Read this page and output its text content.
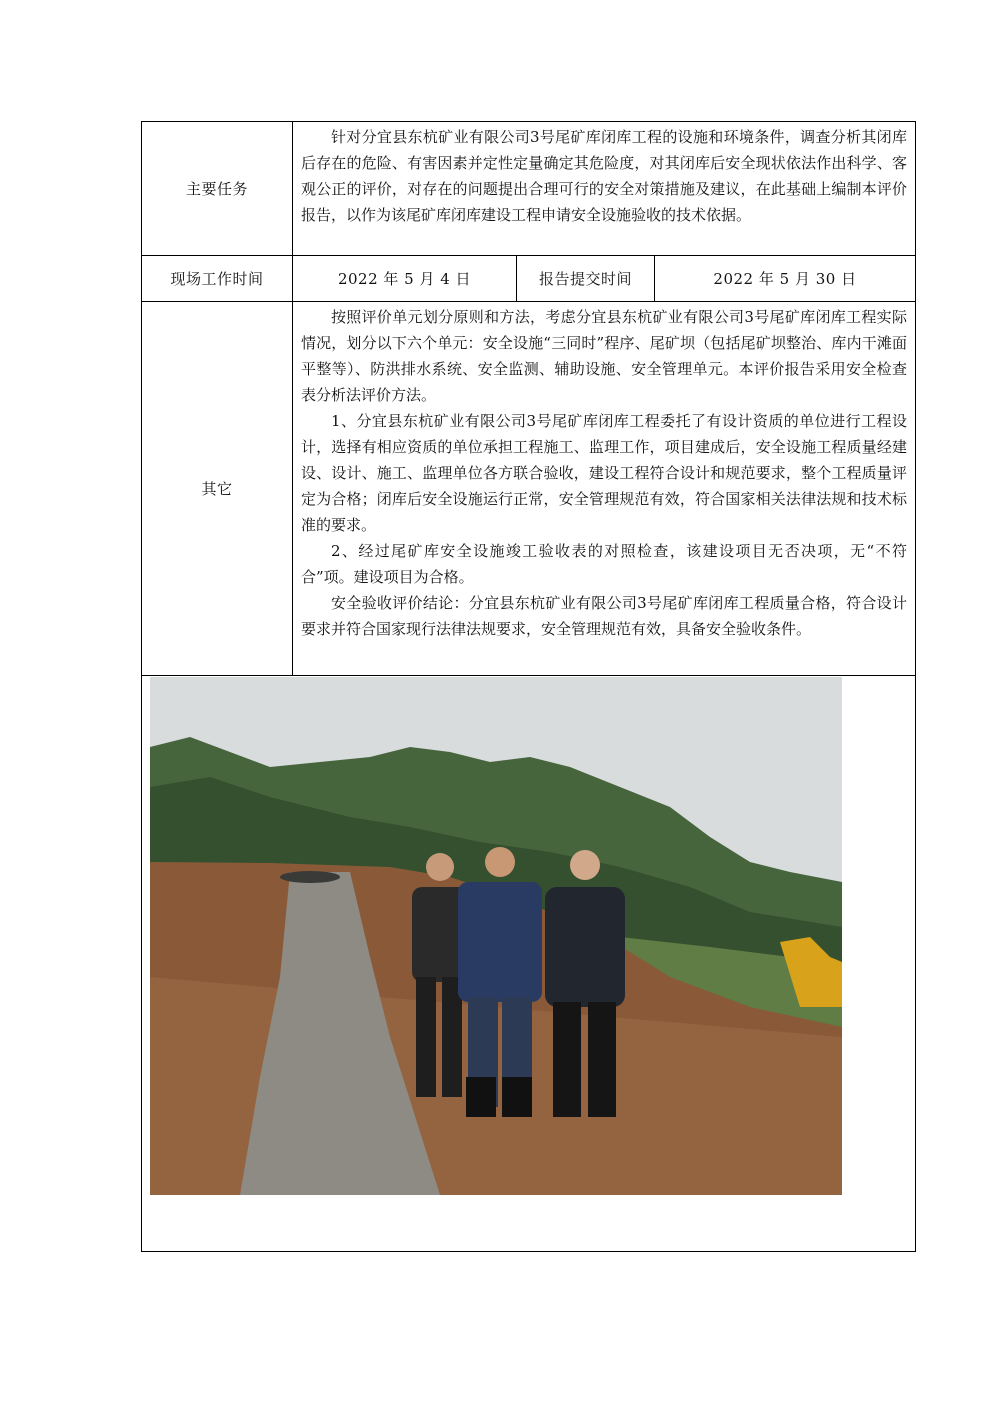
主要任务

针对分宜县东杭矿业有限公司3号尾矿库闭库工程的设施和环境条件，调查分析其闭库后存在的危险、有害因素并定性定量确定其危险度，对其闭库后安全现状依法作出科学、客观公正的评价，对存在的问题提出合理可行的安全对策措施及建议，在此基础上编制本评价报告，以作为该尾矿库闭库建设工程申请安全设施验收的技术依据。

现场工作时间	2022 年 5 月 4 日	报告提交时间	2022 年 5 月 30 日
其它

按照评价单元划分原则和方法，考虑分宜县东杭矿业有限公司3号尾矿库闭库工程实际情况，划分以下六个单元：安全设施“三同时”程序、尾矿坝（包括尾矿坝整治、库内干滩面平整等）、防洪排水系统、安全监测、辅助设施、安全管理单元。本评价报告采用安全检查表分析法评价方法。

1、分宜县东杭矿业有限公司3号尾矿库闭库工程委托了有设计资质的单位进行工程设计，选择有相应资质的单位承担工程施工、监理工作，项目建成后，安全设施工程质量经建设、设计、施工、监理单位各方联合验收，建设工程符合设计和规范要求，整个工程质量评定为合格；闭库后安全设施运行正常，安全管理规范有效，符合国家相关法律法规和技术标准的要求。

2、经过尾矿库安全设施竣工验收表的对照检查，该建设项目无否决项，无“不符合”项。建设项目为合格。

安全验收评价结论：分宜县东杭矿业有限公司3号尾矿库闭库工程质量合格，符合设计要求并符合国家现行法律法规要求，安全管理规范有效，具备安全验收条件。
